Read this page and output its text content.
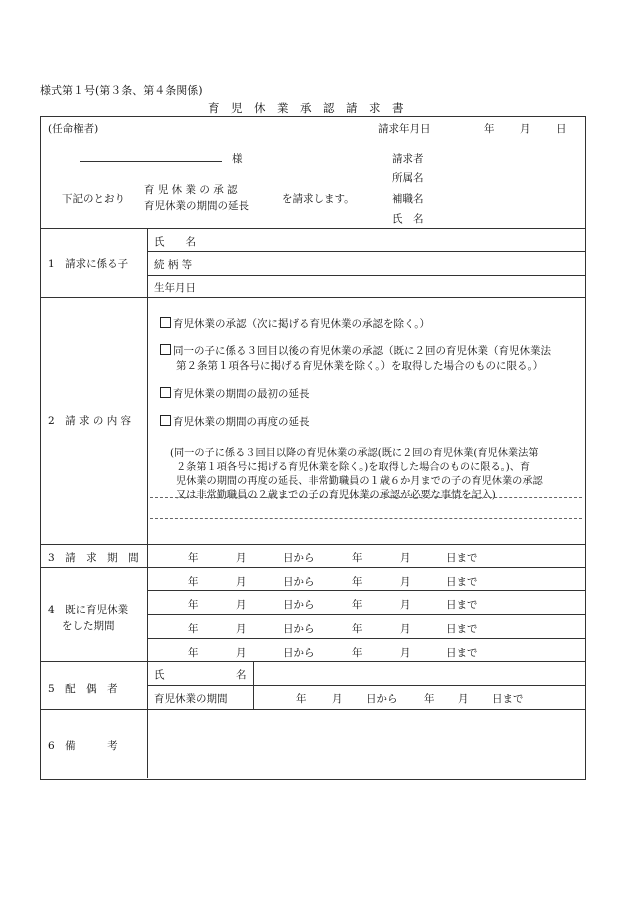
様式第１号(第３条、第４条関係)
育　児　休　業　承　認　請　求　書
(任命権者)	請求年月日	年 月 日
様	請求者
所属名
補職名
氏　名
下記のとおり
育 児 休 業 の 承 認
育児休業の期間の延長
を請求します。
1　請求に係る子
氏　　名
続 柄 等
生年月日
2　請 求 の 内 容
育児休業の承認（次に掲げる育児休業の承認を除く。）
同一の子に係る３回目以後の育児休業の承認（既に２回の育児休業（育児休業法
第２条第１項各号に掲げる育児休業を除く。）を取得した場合のものに限る。）
育児休業の期間の最初の延長
育児休業の期間の再度の延長
(同一の子に係る３回目以降の育児休業の承認(既に２回の育児休業(育児休業法第
２条第１項各号に掲げる育児休業を除く。)を取得した場合のものに限る。)、育
児休業の期間の再度の延長、非常勤職員の１歳６か月までの子の育児休業の承認
又は非常勤職員の２歳までの子の育児休業の承認が必要な事情を記入)
3　請　求　期　間	年	月	日から	年	月	日まで
4　既に育児休業
をした期間
年	月	日から	年	月	日まで
年	月	日から	年	月	日まで
年	月	日から	年	月	日まで
年	月	日から	年	月	日まで
5　配　偶　者
氏	名
育児休業の期間	年 月 日から	年 月 日まで
6　備　　　考
